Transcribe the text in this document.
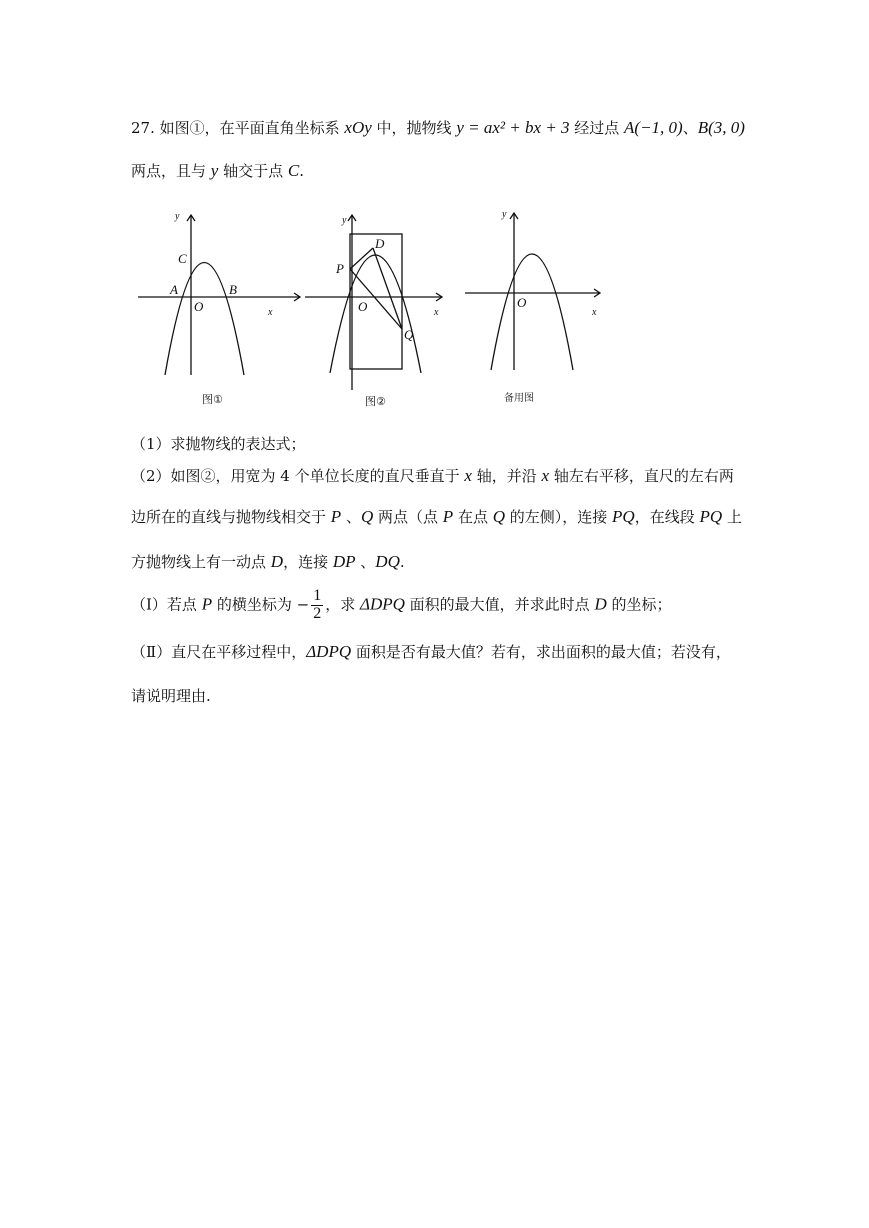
27. 如图①，在平面直角坐标系 xOy 中，抛物线 y = ax² + bx + 3 经过点 A(−1, 0)、B(3, 0)
两点，且与 y 轴交于点 C.
y
x
C
A	B
O
图①
y
x
P
D
O
Q
图②
y
x
O
备用图
（1）求抛物线的表达式；
（2）如图②，用宽为 4 个单位长度的直尺垂直于 x 轴，并沿 x 轴左右平移，直尺的左右两
边所在的直线与抛物线相交于 P 、Q 两点（点 P 在点 Q 的左侧），连接 PQ，在线段 PQ 上
方抛物线上有一动点 D，连接 DP 、DQ.
（Ⅰ）若点 P 的横坐标为 − $\frac{1}{2}$ ，求 ΔDPQ 面积的最大值，并求此时点 D 的坐标；
（Ⅱ）直尺在平移过程中，ΔDPQ 面积是否有最大值？若有，求出面积的最大值；若没有，
请说明理由.
